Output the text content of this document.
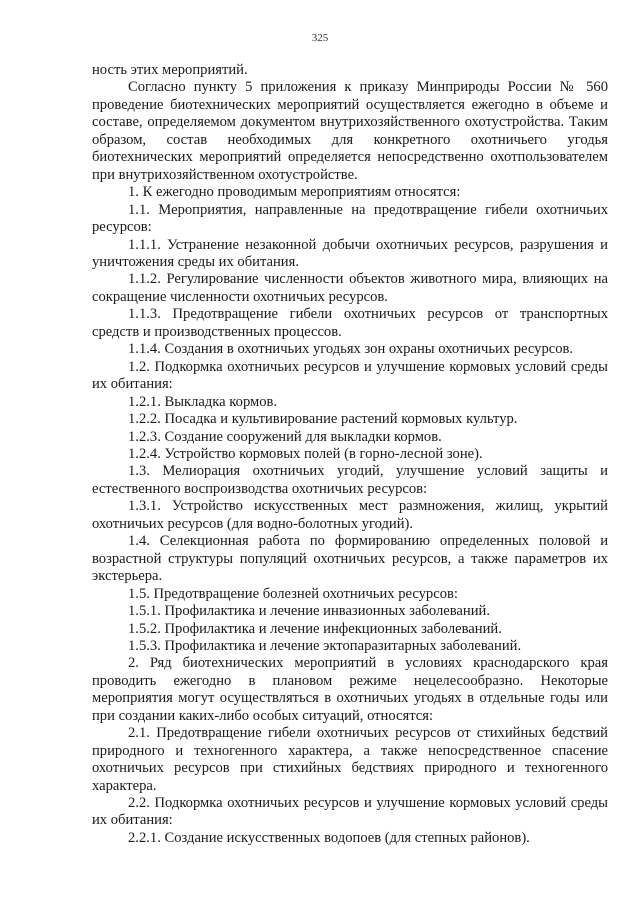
325

ность этих мероприятий.

Согласно пункту 5 приложения к приказу Минприроды России № 560 проведение биотехнических мероприятий осуществляется ежегодно в объеме и составе, определяемом документом внутрихозяйственного охотустройства. Таким образом, состав необходимых для конкретного охотничьего угодья биотехнических мероприятий определяется непосредственно охотпользователем при внутрихозяйственном охотустройстве.

1. К ежегодно проводимым мероприятиям относятся:

1.1. Мероприятия, направленные на предотвращение гибели охотничьих ресурсов:

1.1.1. Устранение незаконной добычи охотничьих ресурсов, разрушения и уничтожения среды их обитания.

1.1.2. Регулирование численности объектов животного мира, влияющих на сокращение численности охотничьих ресурсов.

1.1.3. Предотвращение гибели охотничьих ресурсов от транспортных средств и производственных процессов.

1.1.4. Создания в охотничьих угодьях зон охраны охотничьих ресурсов.

1.2. Подкормка охотничьих ресурсов и улучшение кормовых условий среды их обитания:

1.2.1. Выкладка кормов.

1.2.2. Посадка и культивирование растений кормовых культур.

1.2.3. Создание сооружений для выкладки кормов.

1.2.4. Устройство кормовых полей (в горно-лесной зоне).

1.3. Мелиорация охотничьих угодий, улучшение условий защиты и естественного воспроизводства охотничьих ресурсов:

1.3.1. Устройство искусственных мест размножения, жилищ, укрытий охотничьих ресурсов (для водно-болотных угодий).

1.4. Селекционная работа по формированию определенных половой и возрастной структуры популяций охотничьих ресурсов, а также параметров их экстерьера.

1.5. Предотвращение болезней охотничьих ресурсов:

1.5.1. Профилактика и лечение инвазионных заболеваний.

1.5.2. Профилактика и лечение инфекционных заболеваний.

1.5.3. Профилактика и лечение эктопаразитарных заболеваний.

2. Ряд биотехнических мероприятий в условиях краснодарского края проводить ежегодно в плановом режиме нецелесообразно. Некоторые мероприятия могут осуществляться в охотничьих угодьях в отдельные годы или при создании каких-либо особых ситуаций, относятся:

2.1. Предотвращение гибели охотничьих ресурсов от стихийных бедствий природного и техногенного характера, а также непосредственное спасение охотничьих ресурсов при стихийных бедствиях природного и техногенного характера.

2.2. Подкормка охотничьих ресурсов и улучшение кормовых условий среды их обитания:

2.2.1. Создание искусственных водопоев (для степных районов).
